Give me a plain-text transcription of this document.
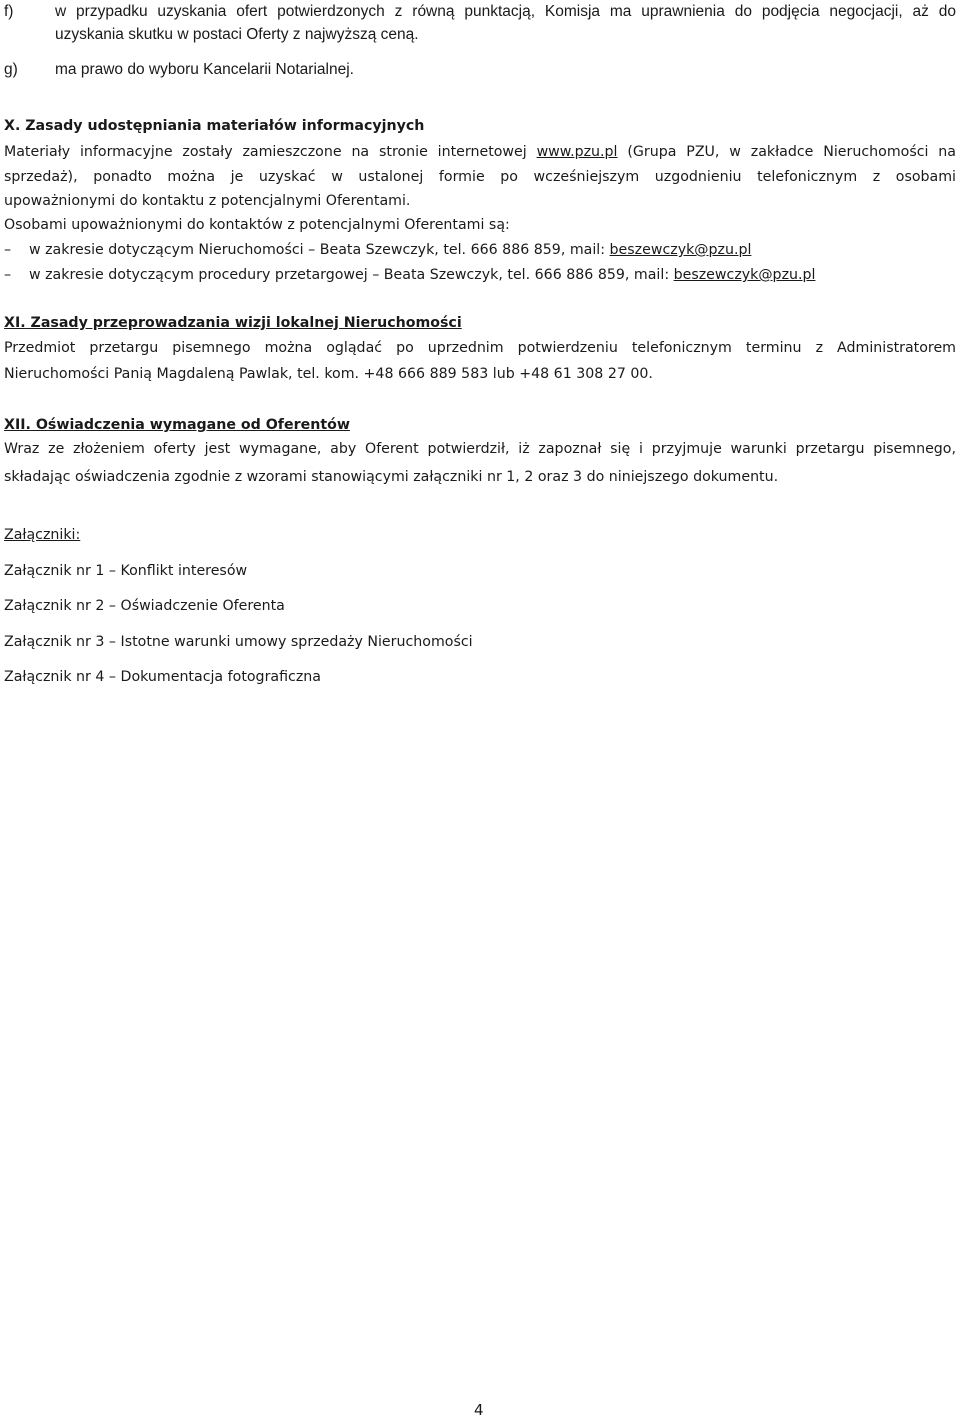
f)	w przypadku uzyskania ofert potwierdzonych z równą punktacją, Komisja ma uprawnienia do podjęcia negocjacji, aż do
uzyskania skutku w postaci Oferty z najwyższą ceną.
g) ma prawo do wyboru Kancelarii Notarialnej.
X. Zasady udostępniania materiałów informacyjnych
Materiały informacyjne zostały zamieszczone na stronie internetowej www.pzu.pl (Grupa PZU, w zakładce Nieruchomości na
sprzedaż), ponadto można je uzyskać w ustalonej formie po wcześniejszym uzgodnieniu telefonicznym z osobami
upoważnionymi do kontaktu z potencjalnymi Oferentami.
Osobami upoważnionymi do kontaktów z potencjalnymi Oferentami są:
– w zakresie dotyczącym Nieruchomości – Beata Szewczyk, tel. 666 886 859, mail: beszewczyk@pzu.pl
– w zakresie dotyczącym procedury przetargowej – Beata Szewczyk, tel. 666 886 859, mail: beszewczyk@pzu.pl
XI. Zasady przeprowadzania wizji lokalnej Nieruchomości
Przedmiot przetargu pisemnego można oglądać po uprzednim potwierdzeniu telefonicznym terminu z Administratorem
Nieruchomości Panią Magdaleną Pawlak, tel. kom. +48 666 889 583 lub +48 61 308 27 00.
XII. Oświadczenia wymagane od Oferentów
Wraz ze złożeniem oferty jest wymagane, aby Oferent potwierdził, iż zapoznał się i przyjmuje warunki przetargu pisemnego,
składając oświadczenia zgodnie z wzorami stanowiącymi załączniki nr 1, 2 oraz 3 do niniejszego dokumentu.
Załączniki:
Załącznik nr 1 – Konflikt interesów
Załącznik nr 2 – Oświadczenie Oferenta
Załącznik nr 3 – Istotne warunki umowy sprzedaży Nieruchomości
Załącznik nr 4 – Dokumentacja fotograficzna
4
